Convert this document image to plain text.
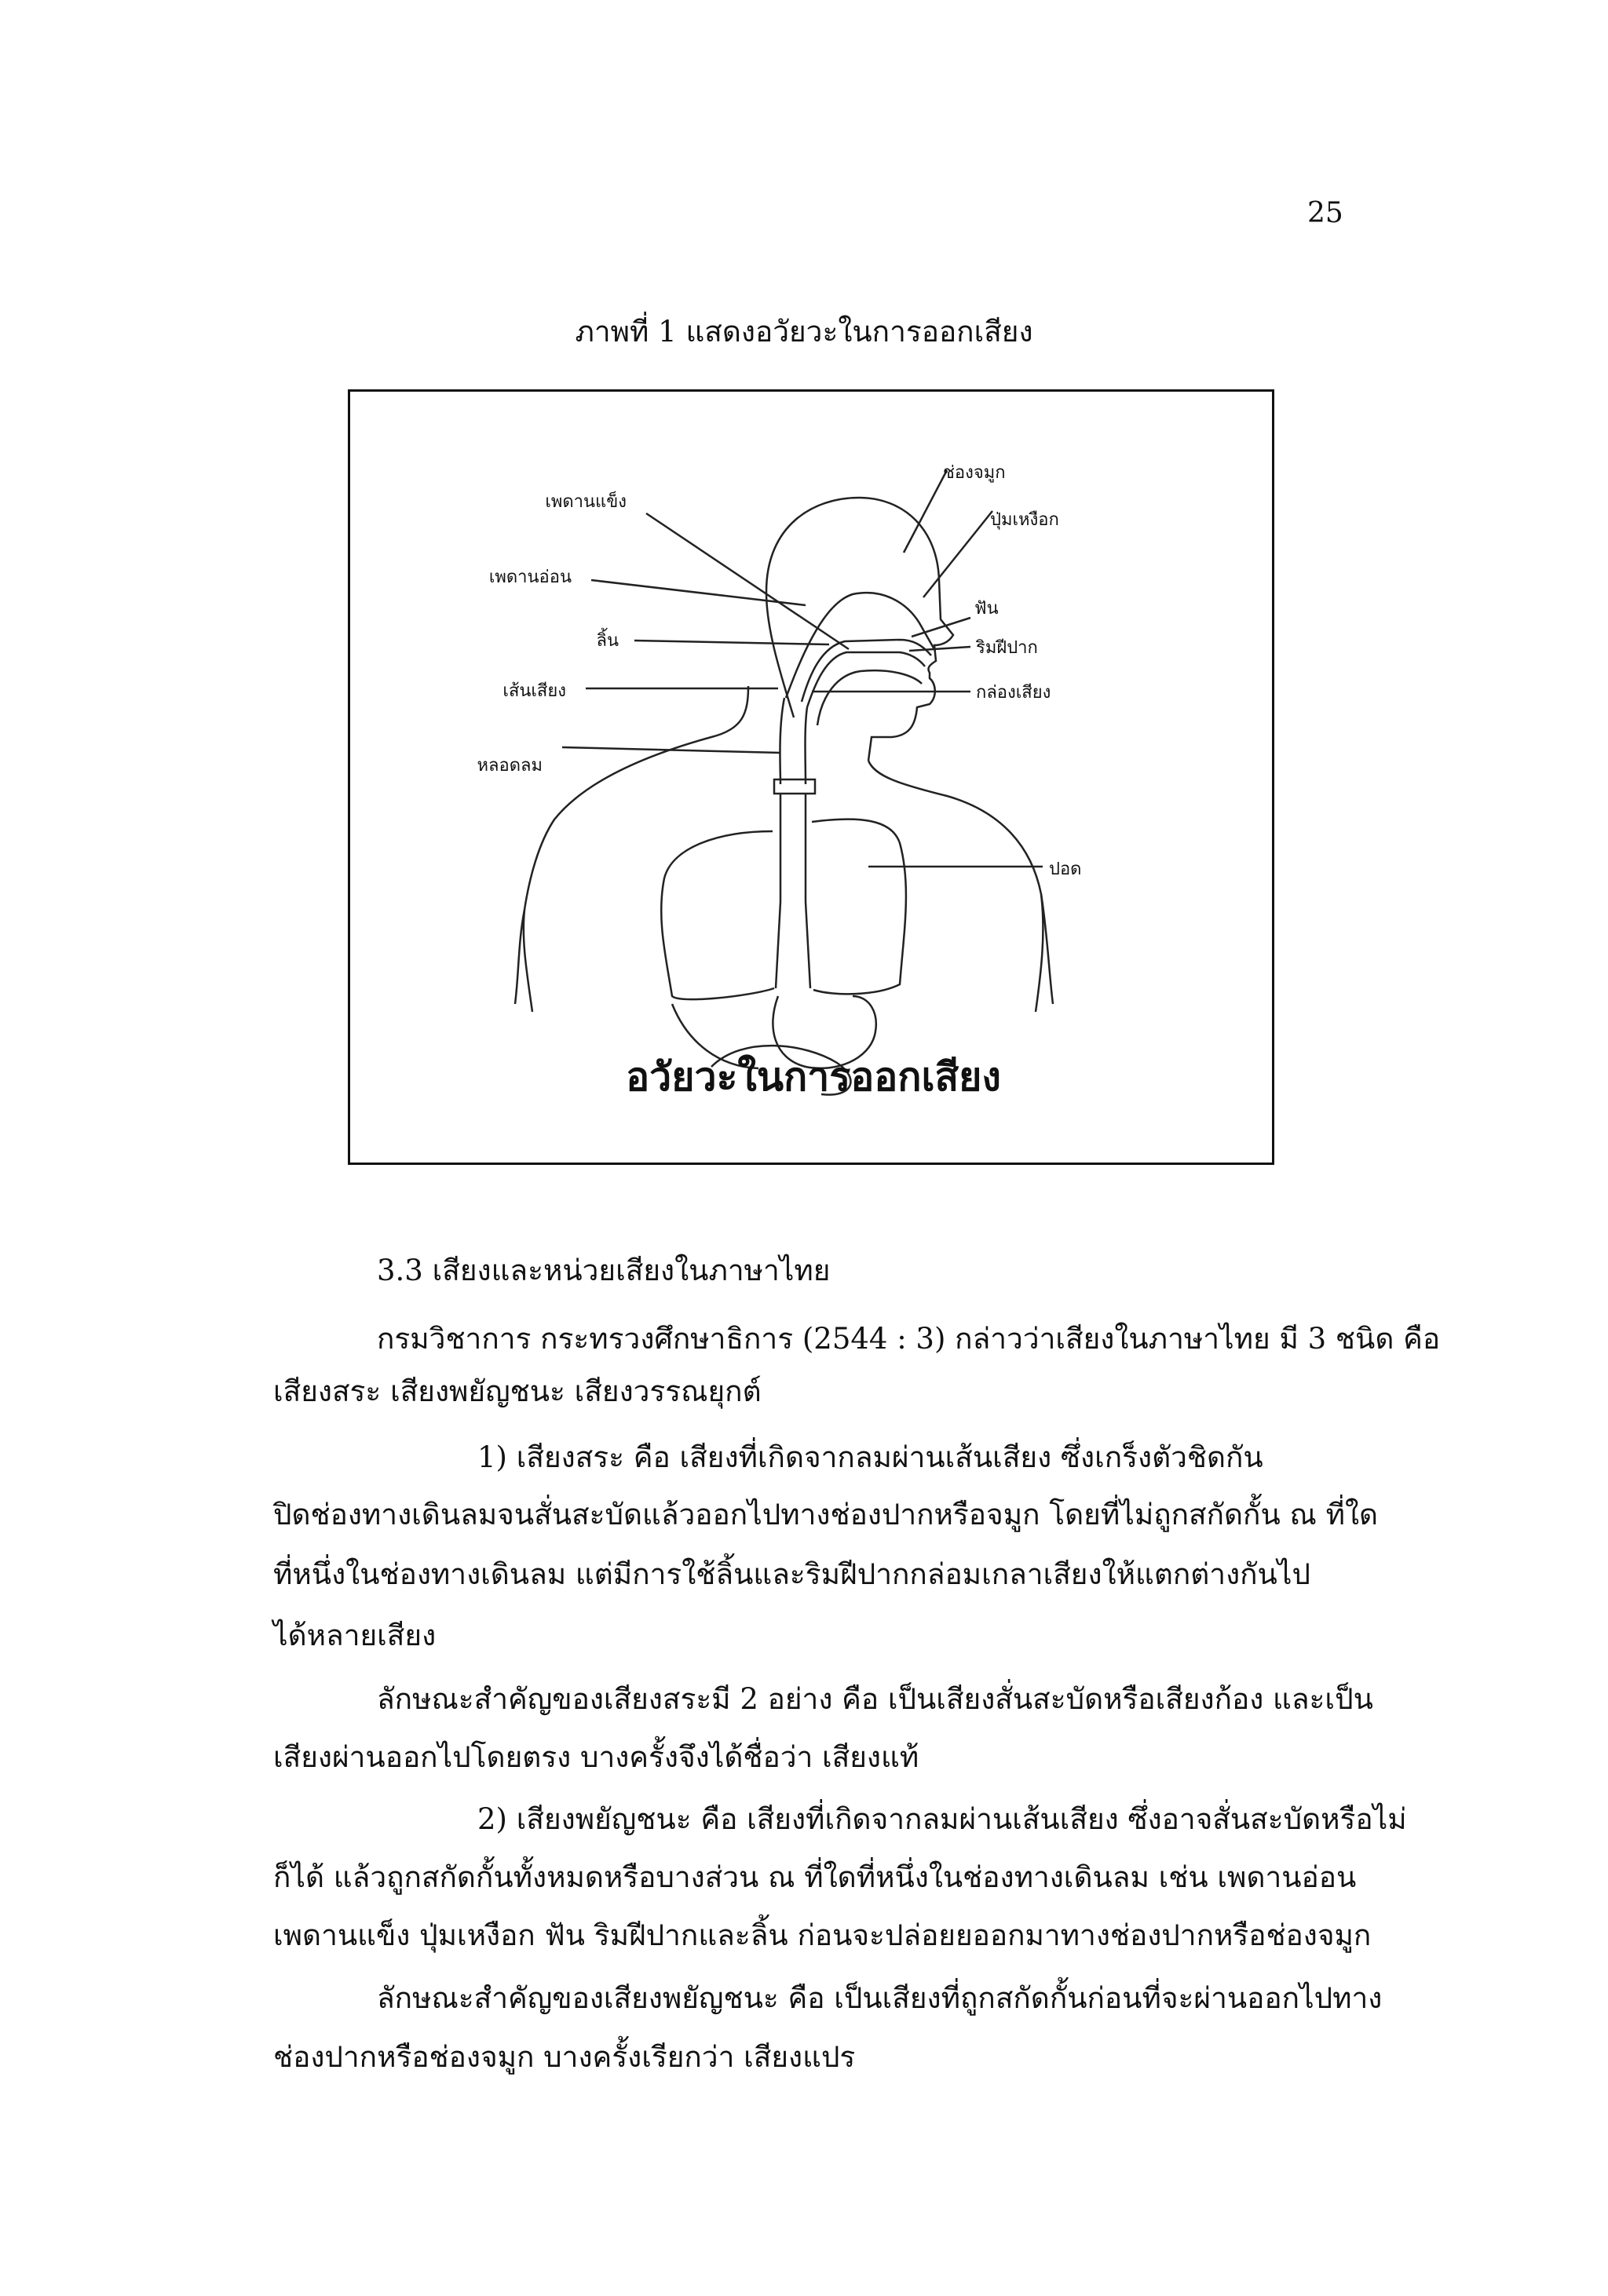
25
ภาพที่ 1 แสดงอวัยวะในการออกเสียง
เพดานแข็ง
เพดานอ่อน
ลิ้น
เส้นเสียง
หลอดลม
ช่องจมูก
ปุ่มเหงือก
ฟัน
ริมฝีปาก
กล่องเสียง
ปอด
อวัยวะในการออกเสียง
3.3 เสียงและหน่วยเสียงในภาษาไทย
กรมวิชาการ กระทรวงศึกษาธิการ (2544 : 3) กล่าวว่าเสียงในภาษาไทย มี 3 ชนิด คือ
เสียงสระ เสียงพยัญชนะ เสียงวรรณยุกต์
1) เสียงสระ คือ เสียงที่เกิดจากลมผ่านเส้นเสียง ซึ่งเกร็งตัวชิดกัน
ปิดช่องทางเดินลมจนสั่นสะบัดแล้วออกไปทางช่องปากหรือจมูก โดยที่ไม่ถูกสกัดกั้น ณ ที่ใด
ที่หนึ่งในช่องทางเดินลม แต่มีการใช้ลิ้นและริมฝีปากกล่อมเกลาเสียงให้แตกต่างกันไป
ได้หลายเสียง
ลักษณะสำคัญของเสียงสระมี 2 อย่าง คือ เป็นเสียงสั่นสะบัดหรือเสียงก้อง และเป็น
เสียงผ่านออกไปโดยตรง บางครั้งจึงได้ชื่อว่า เสียงแท้
2) เสียงพยัญชนะ คือ เสียงที่เกิดจากลมผ่านเส้นเสียง ซึ่งอาจสั่นสะบัดหรือไม่
ก็ได้ แล้วถูกสกัดกั้นทั้งหมดหรือบางส่วน ณ ที่ใดที่หนึ่งในช่องทางเดินลม เช่น เพดานอ่อน
เพดานแข็ง ปุ่มเหงือก ฟัน ริมฝีปากและลิ้น ก่อนจะปล่อยยออกมาทางช่องปากหรือช่องจมูก
ลักษณะสำคัญของเสียงพยัญชนะ คือ เป็นเสียงที่ถูกสกัดกั้นก่อนที่จะผ่านออกไปทาง
ช่องปากหรือช่องจมูก บางครั้งเรียกว่า เสียงแปร
